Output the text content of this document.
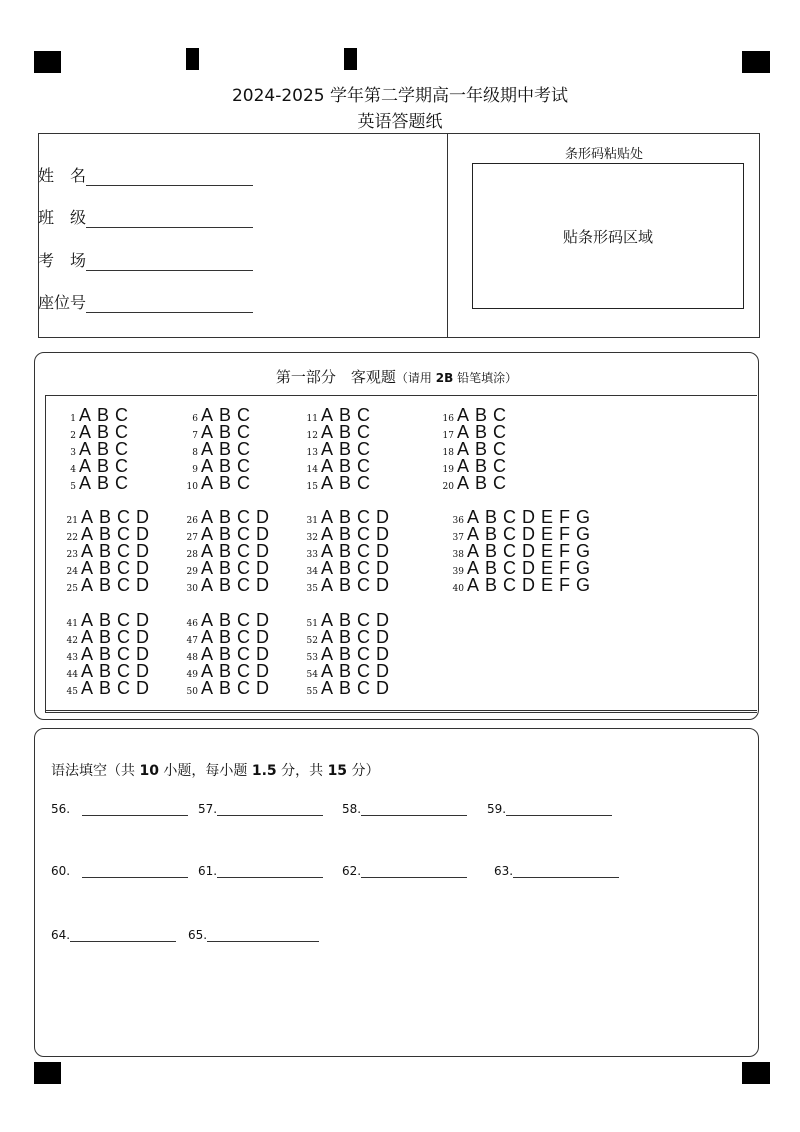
2024-2025 学年第二学期高一年级期中考试
英语答题纸
姓　名
班　级
考　场
座位号
条形码粘贴处
贴条形码区域
第一部分　客观题（请用 2B 铅笔填涂）
1 A B C
2 A B C
3 A B C
4 A B C
5 A B C
6 A B C
7 A B C
8 A B C
9 A B C
10 A B C
11 A B C
12 A B C
13 A B C
14 A B C
15 A B C
16 A B C
17 A B C
18 A B C
19 A B C
20 A B C
21 A B C D
22 A B C D
23 A B C D
24 A B C D
25 A B C D
26 A B C D
27 A B C D
28 A B C D
29 A B C D
30 A B C D
31 A B C D
32 A B C D
33 A B C D
34 A B C D
35 A B C D
36 A B C D E F G
37 A B C D E F G
38 A B C D E F G
39 A B C D E F G
40 A B C D E F G
41 A B C D
42 A B C D
43 A B C D
44 A B C D
45 A B C D
46 A B C D
47 A B C D
48 A B C D
49 A B C D
50 A B C D
51 A B C D
52 A B C D
53 A B C D
54 A B C D
55 A B C D
语法填空（共 10 小题，每小题 1.5 分，共 15 分）
56.	57.	58.	59.
60.	61.	62.	63.
64.	65.
